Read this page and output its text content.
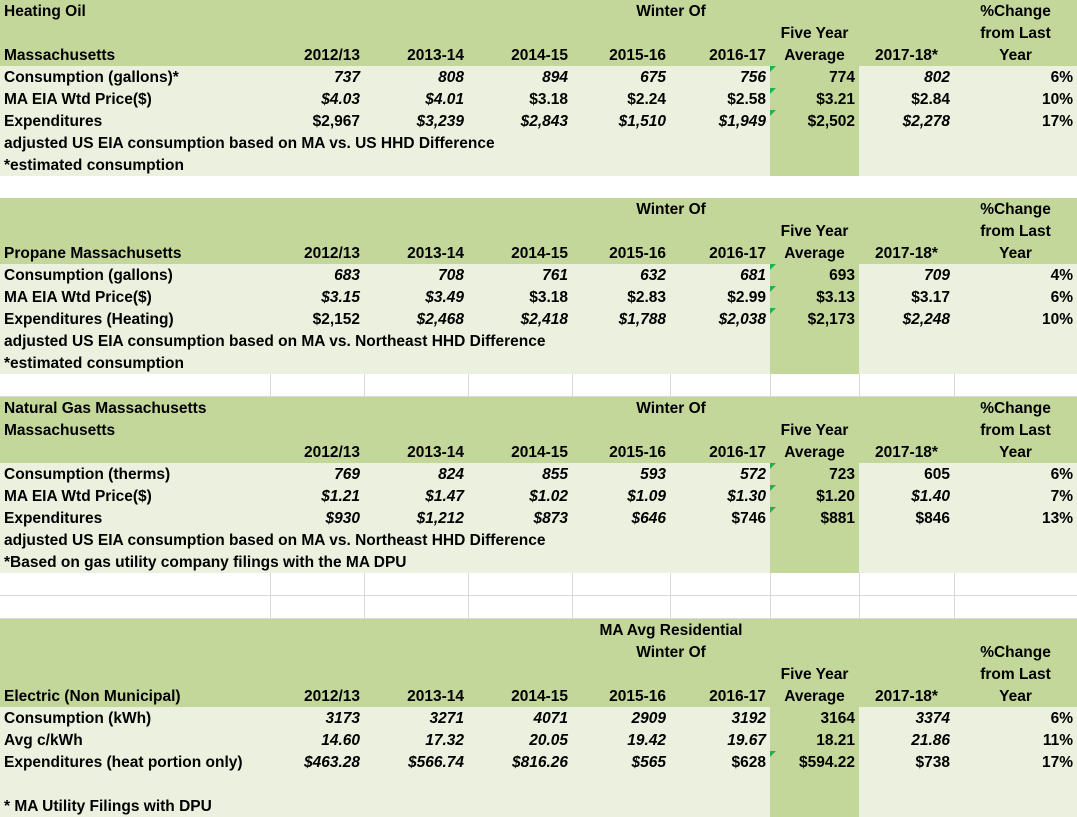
Heating Oil				Winter Of				%Change
						Five Year		from Last
Massachusetts	2012/13	2013-14	2014-15	2015-16	2016-17	Average	2017-18*	Year
Consumption (gallons)*	737	808	894	675	756	774	802	6%
MA EIA Wtd Price($)	$4.03	$4.01	$3.18	$2.24	$2.58	$3.21	$2.84	10%
Expenditures	$2,967	$3,239	$2,843	$1,510	$1,949	$2,502	$2,278	17%
adjusted US EIA consumption based on MA vs. US HHD Difference								
*estimated consumption								

				Winter Of				%Change
						Five Year		from Last
Propane Massachusetts	2012/13	2013-14	2014-15	2015-16	2016-17	Average	2017-18*	Year
Consumption (gallons)	683	708	761	632	681	693	709	4%
MA EIA Wtd Price($)	$3.15	$3.49	$3.18	$2.83	$2.99	$3.13	$3.17	6%
Expenditures (Heating)	$2,152	$2,468	$2,418	$1,788	$2,038	$2,173	$2,248	10%
adjusted US EIA consumption based on MA vs. Northeast HHD Difference								
*estimated consumption								

Natural Gas Massachusetts				Winter Of				%Change
Massachusetts						Five Year		from Last
	2012/13	2013-14	2014-15	2015-16	2016-17	Average	2017-18*	Year
Consumption (therms)	769	824	855	593	572	723	605	6%
MA EIA Wtd Price($)	$1.21	$1.47	$1.02	$1.09	$1.30	$1.20	$1.40	7%
Expenditures	$930	$1,212	$873	$646	$746	$881	$846	13%
adjusted US EIA consumption based on MA vs. Northeast HHD Difference								
*Based on gas utility company filings with the MA DPU								

				MA Avg Residential				
				Winter Of				%Change
						Five Year		from Last
Electric (Non Municipal)	2012/13	2013-14	2014-15	2015-16	2016-17	Average	2017-18*	Year
Consumption (kWh)	3173	3271	4071	2909	3192	3164	3374	6%
Avg c/kWh	14.60	17.32	20.05	19.42	19.67	18.21	21.86	11%
Expenditures (heat portion only)	$463.28	$566.74	$816.26	$565	$628	$594.22	$738	17%

* MA Utility Filings with DPU								
